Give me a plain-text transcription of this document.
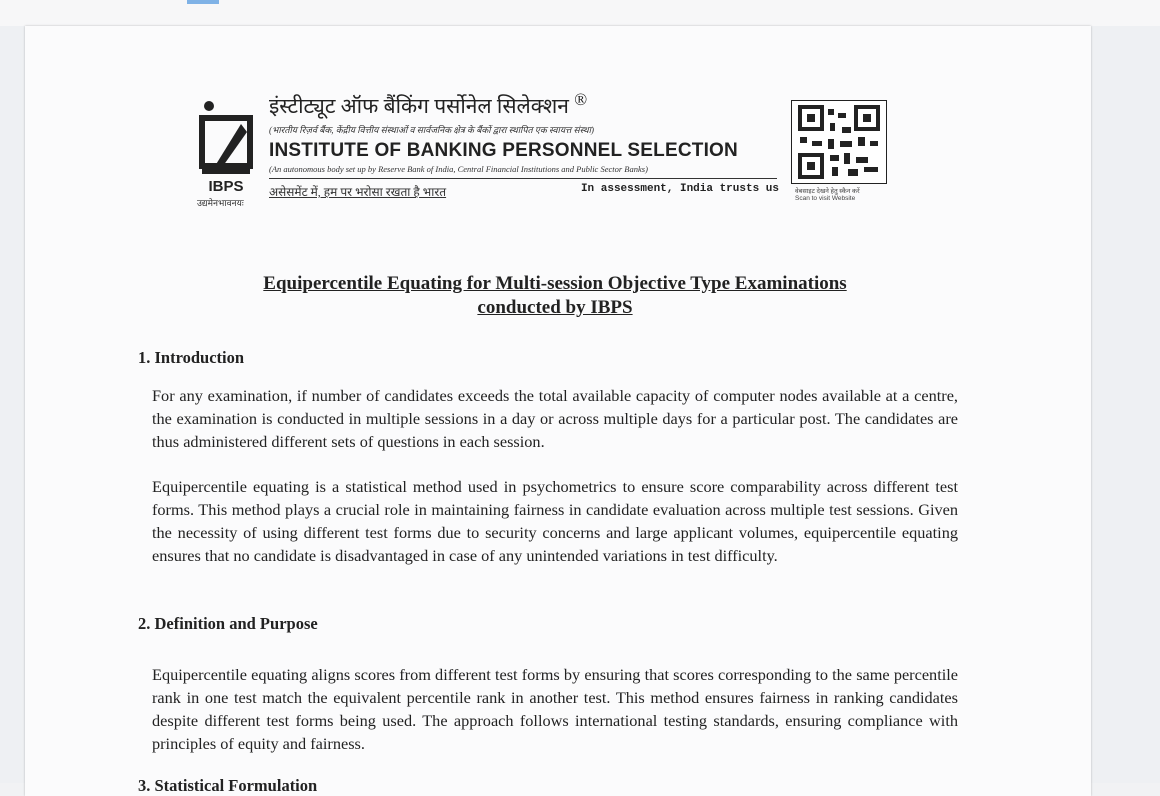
IBPS
उद्यमेनभावनयः
इंस्टीट्यूट ऑफ बैंकिंग पर्सोनेल सिलेक्शन ®
(भारतीय रिज़र्व बैंक, केंद्रीय वित्तीय संस्थाओं व सार्वजनिक क्षेत्र के बैंकों द्वारा स्थापित एक स्वायत्त संस्था)
INSTITUTE OF BANKING PERSONNEL SELECTION
(An autonomous body set up by Reserve Bank of India, Central Financial Institutions and Public Sector Banks)
असेसमेंट में, हम पर भरोसा रखता है भारत	In assessment, India trusts us वेबसाइट देखने हेतु स्कैन करें
Scan to visit Website
Equipercentile Equating for Multi-session Objective Type Examinations
conducted by IBPS
1. Introduction
For any examination, if number of candidates exceeds the total available capacity of computer nodes available at a centre, the examination is conducted in multiple sessions in a day or across multiple days for a particular post. The candidates are thus administered different sets of questions in each session.
Equipercentile equating is a statistical method used in psychometrics to ensure score comparability across different test forms. This method plays a crucial role in maintaining fairness in candidate evaluation across multiple test sessions. Given the necessity of using different test forms due to security concerns and large applicant volumes, equipercentile equating ensures that no candidate is disadvantaged in case of any unintended variations in test difficulty.
2. Definition and Purpose
Equipercentile equating aligns scores from different test forms by ensuring that scores corresponding to the same percentile rank in one test match the equivalent percentile rank in another test. This method ensures fairness in ranking candidates despite different test forms being used. The approach follows international testing standards, ensuring compliance with principles of equity and fairness.
3. Statistical Formulation
